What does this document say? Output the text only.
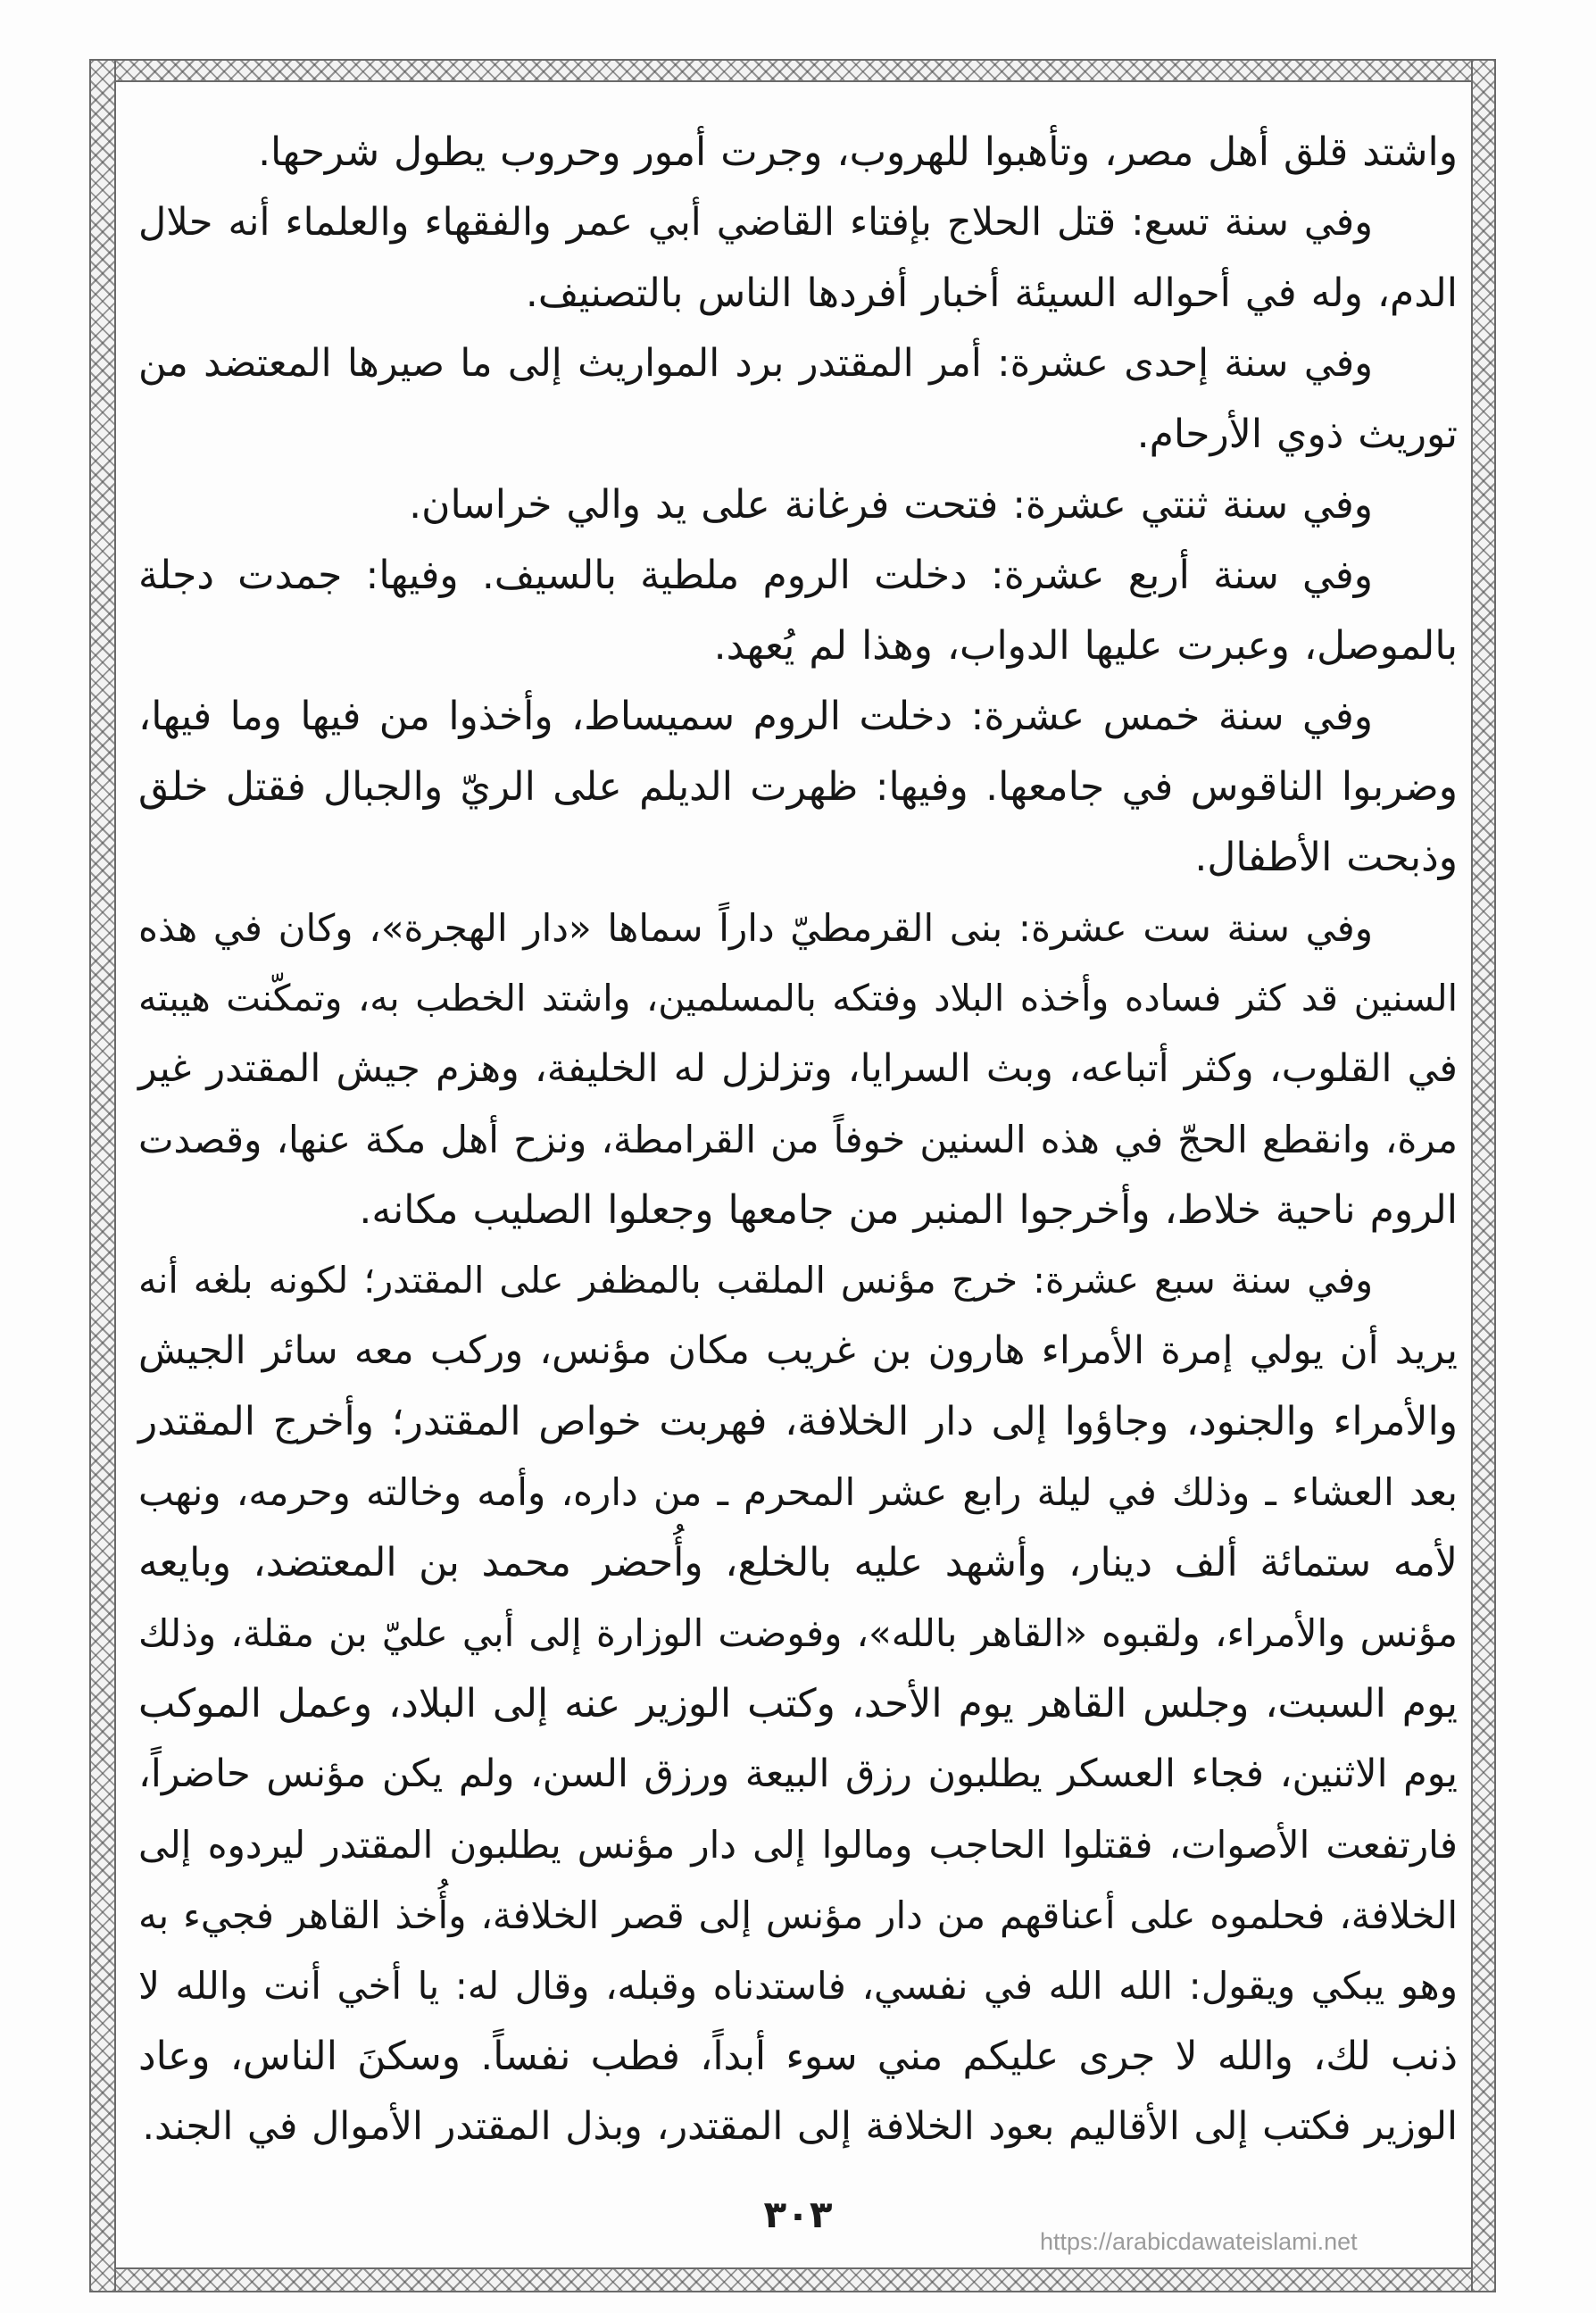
واشتد قلق أهل مصر، وتأهبوا للهروب، وجرت أمور وحروب يطول شرحها.
وفي سنة تسع: قتل الحلاج بإفتاء القاضي أبي عمر والفقهاء والعلماء أنه حلال
الدم، وله في أحواله السيئة أخبار أفردها الناس بالتصنيف.
وفي سنة إحدى عشرة: أمر المقتدر برد المواريث إلى ما صيرها المعتضد من
توريث ذوي الأرحام.
وفي سنة ثنتي عشرة: فتحت فرغانة على يد والي خراسان.
وفي سنة أربع عشرة: دخلت الروم ملطية بالسيف. وفيها: جمدت دجلة
بالموصل، وعبرت عليها الدواب، وهذا لم يُعهد.
وفي سنة خمس عشرة: دخلت الروم سميساط، وأخذوا من فيها وما فيها،
وضربوا الناقوس في جامعها. وفيها: ظهرت الديلم على الريّ والجبال فقتل خلق
وذبحت الأطفال.
وفي سنة ست عشرة: بنى القرمطيّ داراً سماها «دار الهجرة»، وكان في هذه
السنين قد كثر فساده وأخذه البلاد وفتكه بالمسلمين، واشتد الخطب به، وتمكّنت هيبته
في القلوب، وكثر أتباعه، وبث السرايا، وتزلزل له الخليفة، وهزم جيش المقتدر غير
مرة، وانقطع الحجّ في هذه السنين خوفاً من القرامطة، ونزح أهل مكة عنها، وقصدت
الروم ناحية خلاط، وأخرجوا المنبر من جامعها وجعلوا الصليب مكانه.
وفي سنة سبع عشرة: خرج مؤنس الملقب بالمظفر على المقتدر؛ لكونه بلغه أنه
يريد أن يولي إمرة الأمراء هارون بن غريب مكان مؤنس، وركب معه سائر الجيش
والأمراء والجنود، وجاؤوا إلى دار الخلافة، فهربت خواص المقتدر؛ وأخرج المقتدر
بعد العشاء ـ وذلك في ليلة رابع عشر المحرم ـ من داره، وأمه وخالته وحرمه، ونهب
لأمه ستمائة ألف دينار، وأشهد عليه بالخلع، وأُحضر محمد بن المعتضد، وبايعه
مؤنس والأمراء، ولقبوه «القاهر بالله»، وفوضت الوزارة إلى أبي عليّ بن مقلة، وذلك
يوم السبت، وجلس القاهر يوم الأحد، وكتب الوزير عنه إلى البلاد، وعمل الموكب
يوم الاثنين، فجاء العسكر يطلبون رزق البيعة ورزق السن، ولم يكن مؤنس حاضراً،
فارتفعت الأصوات، فقتلوا الحاجب ومالوا إلى دار مؤنس يطلبون المقتدر ليردوه إلى
الخلافة، فحلموه على أعناقهم من دار مؤنس إلى قصر الخلافة، وأُخذ القاهر فجيء به
وهو يبكي ويقول: الله الله في نفسي، فاستدناه وقبله، وقال له: يا أخي أنت والله لا
ذنب لك، والله لا جرى عليكم مني سوء أبداً، فطب نفساً. وسكنَ الناس، وعاد
الوزير فكتب إلى الأقاليم بعود الخلافة إلى المقتدر، وبذل المقتدر الأموال في الجند.
٣٠٣
https://arabicdawateislami.net
